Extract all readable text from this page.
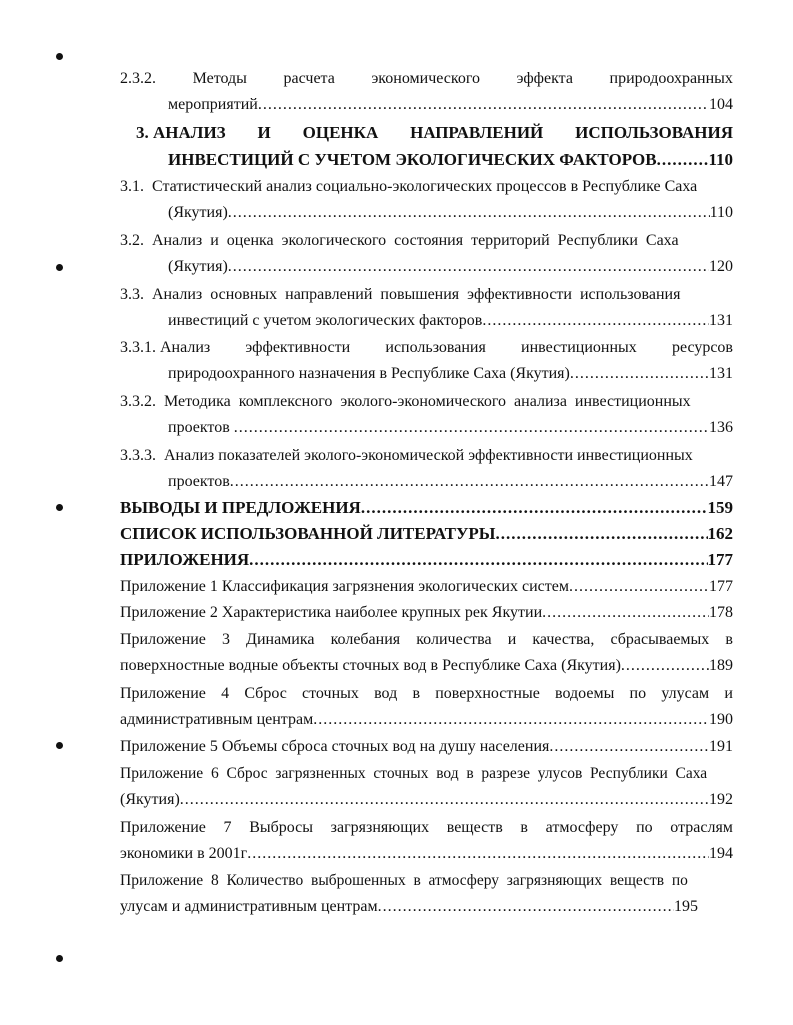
2.3.2. Методы расчета экономического эффекта природоохранных
мероприятий .....	104
3. АНАЛИЗ И ОЦЕНКА НАПРАВЛЕНИЙ ИСПОЛЬЗОВАНИЯ
ИНВЕСТИЦИЙ С УЧЕТОМ ЭКОЛОГИЧЕСКИХ ФАКТОРОВ .....	110
3.1.  Статистический анализ социально-экологических процессов в Республике Саха
(Якутия) .....	110
3.2.  Анализ  и  оценка  экологического  состояния  территорий  Республики  Саха
(Якутия) .....	120
3.3.  Анализ  основных  направлений  повышения  эффективности  использования
инвестиций с учетом экологических факторов .....	131
3.3.1. Анализ эффективности использования инвестиционных ресурсов
природоохранного назначения в Республике Саха (Якутия) .....	131
3.3.2.  Методика  комплексного  эколого-экономического  анализа  инвестиционных
проектов .....	136
3.3.3.  Анализ показателей эколого-экономической эффективности инвестиционных
проектов .....	147
ВЫВОДЫ И ПРЕДЛОЖЕНИЯ .....	159
СПИСОК ИСПОЛЬЗОВАННОЙ ЛИТЕРАТУРЫ .....	162
ПРИЛОЖЕНИЯ .....	177
Приложение 1 Классификация загрязнения экологических систем .....	177
Приложение 2 Характеристика наиболее крупных рек Якутии .....	178
Приложение 3 Динамика колебания количества и качества, сбрасываемых в
поверхностные водные объекты сточных вод в Республике Саха (Якутия) .....	189
Приложение 4 Сброс сточных вод в поверхностные водоемы по улусам и
административным центрам .....	190
Приложение 5 Объемы сброса сточных вод на душу населения .....	191
Приложение  6  Сброс  загрязненных  сточных  вод  в  разрезе  улусов  Республики  Саха
(Якутия) .....	192
Приложение 7 Выбросы загрязняющих веществ в атмосферу по отраслям
экономики в 2001г .....	194
Приложение  8  Количество  выброшенных  в  атмосферу  загрязняющих  веществ  по
улусам и административным центрам .....	195
